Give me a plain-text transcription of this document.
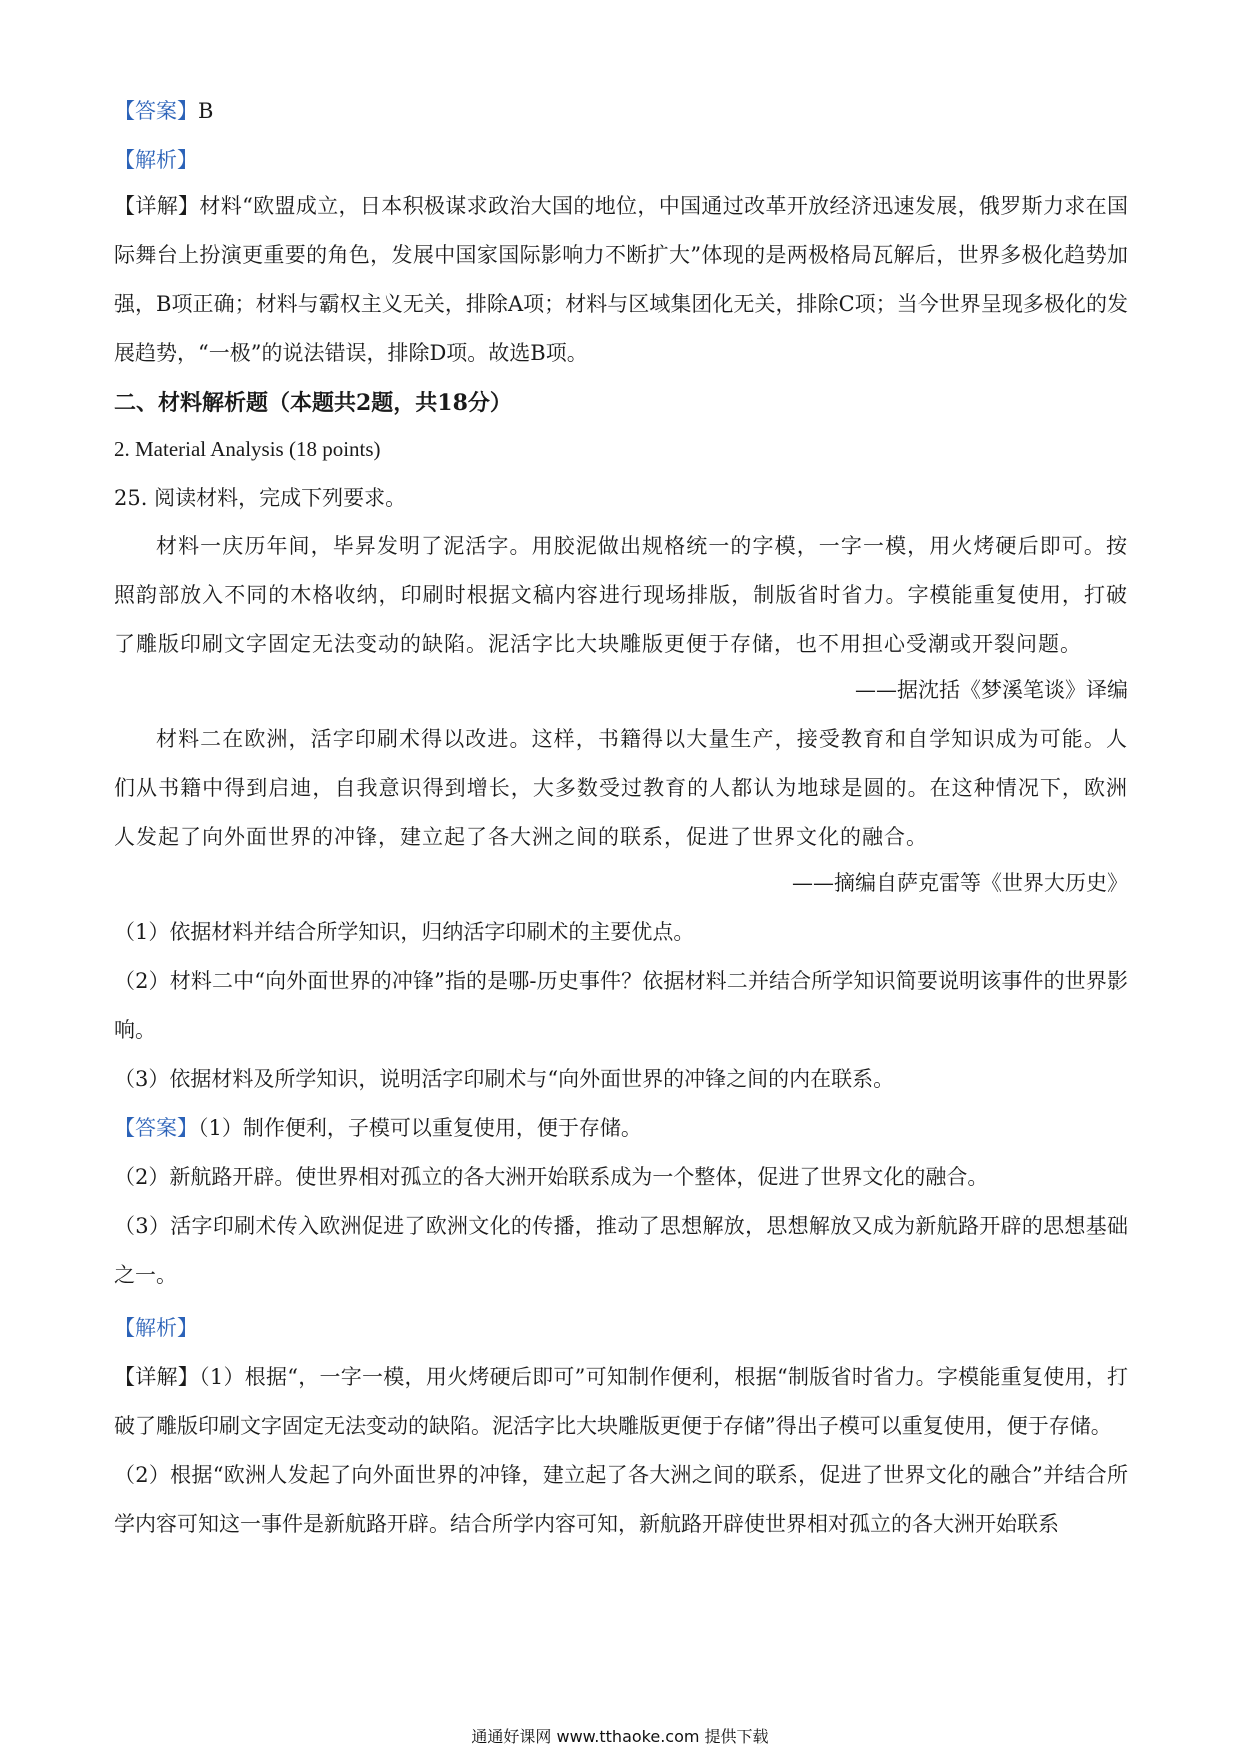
【答案】B

【解析】

【详解】材料“欧盟成立，日本积极谋求政治大国的地位，中国通过改革开放经济迅速发展，俄罗斯力求在国际舞台上扮演更重要的角色，发展中国家国际影响力不断扩大”体现的是两极格局瓦解后，世界多极化趋势加强，B项正确；材料与霸权主义无关，排除A项；材料与区域集团化无关，排除C项；当今世界呈现多极化的发展趋势，“一极”的说法错误，排除D项。故选B项。

二、材料解析题（本题共2题，共18分）

2. Material Analysis (18 points)

25. 阅读材料，完成下列要求。

材料一庆历年间，毕昇发明了泥活字。用胶泥做出规格统一的字模，一字一模，用火烤硬后即可。按照韵部放入不同的木格收纳，印刷时根据文稿内容进行现场排版，制版省时省力。字模能重复使用，打破了雕版印刷文字固定无法变动的缺陷。泥活字比大块雕版更便于存储，也不用担心受潮或开裂问题。

——据沈括《梦溪笔谈》译编

材料二在欧洲，活字印刷术得以改进。这样，书籍得以大量生产，接受教育和自学知识成为可能。人们从书籍中得到启迪，自我意识得到增长，大多数受过教育的人都认为地球是圆的。在这种情况下，欧洲人发起了向外面世界的冲锋，建立起了各大洲之间的联系，促进了世界文化的融合。

——摘编自萨克雷等《世界大历史》

（1）依据材料并结合所学知识，归纳活字印刷术的主要优点。

（2）材料二中“向外面世界的冲锋”指的是哪-历史事件？依据材料二并结合所学知识简要说明该事件的世界影响。

（3）依据材料及所学知识，说明活字印刷术与“向外面世界的冲锋之间的内在联系。

【答案】（1）制作便利，子模可以重复使用，便于存储。

（2）新航路开辟。使世界相对孤立的各大洲开始联系成为一个整体，促进了世界文化的融合。

（3）活字印刷术传入欧洲促进了欧洲文化的传播，推动了思想解放，思想解放又成为新航路开辟的思想基础之一。

【解析】

【详解】（1）根据“，一字一模，用火烤硬后即可”可知制作便利，根据“制版省时省力。字模能重复使用，打破了雕版印刷文字固定无法变动的缺陷。泥活字比大块雕版更便于存储”得出子模可以重复使用，便于存储。

（2）根据“欧洲人发起了向外面世界的冲锋，建立起了各大洲之间的联系，促进了世界文化的融合”并结合所学内容可知这一事件是新航路开辟。结合所学内容可知，新航路开辟使世界相对孤立的各大洲开始联系

通通好课网 www.tthaoke.com 提供下载
